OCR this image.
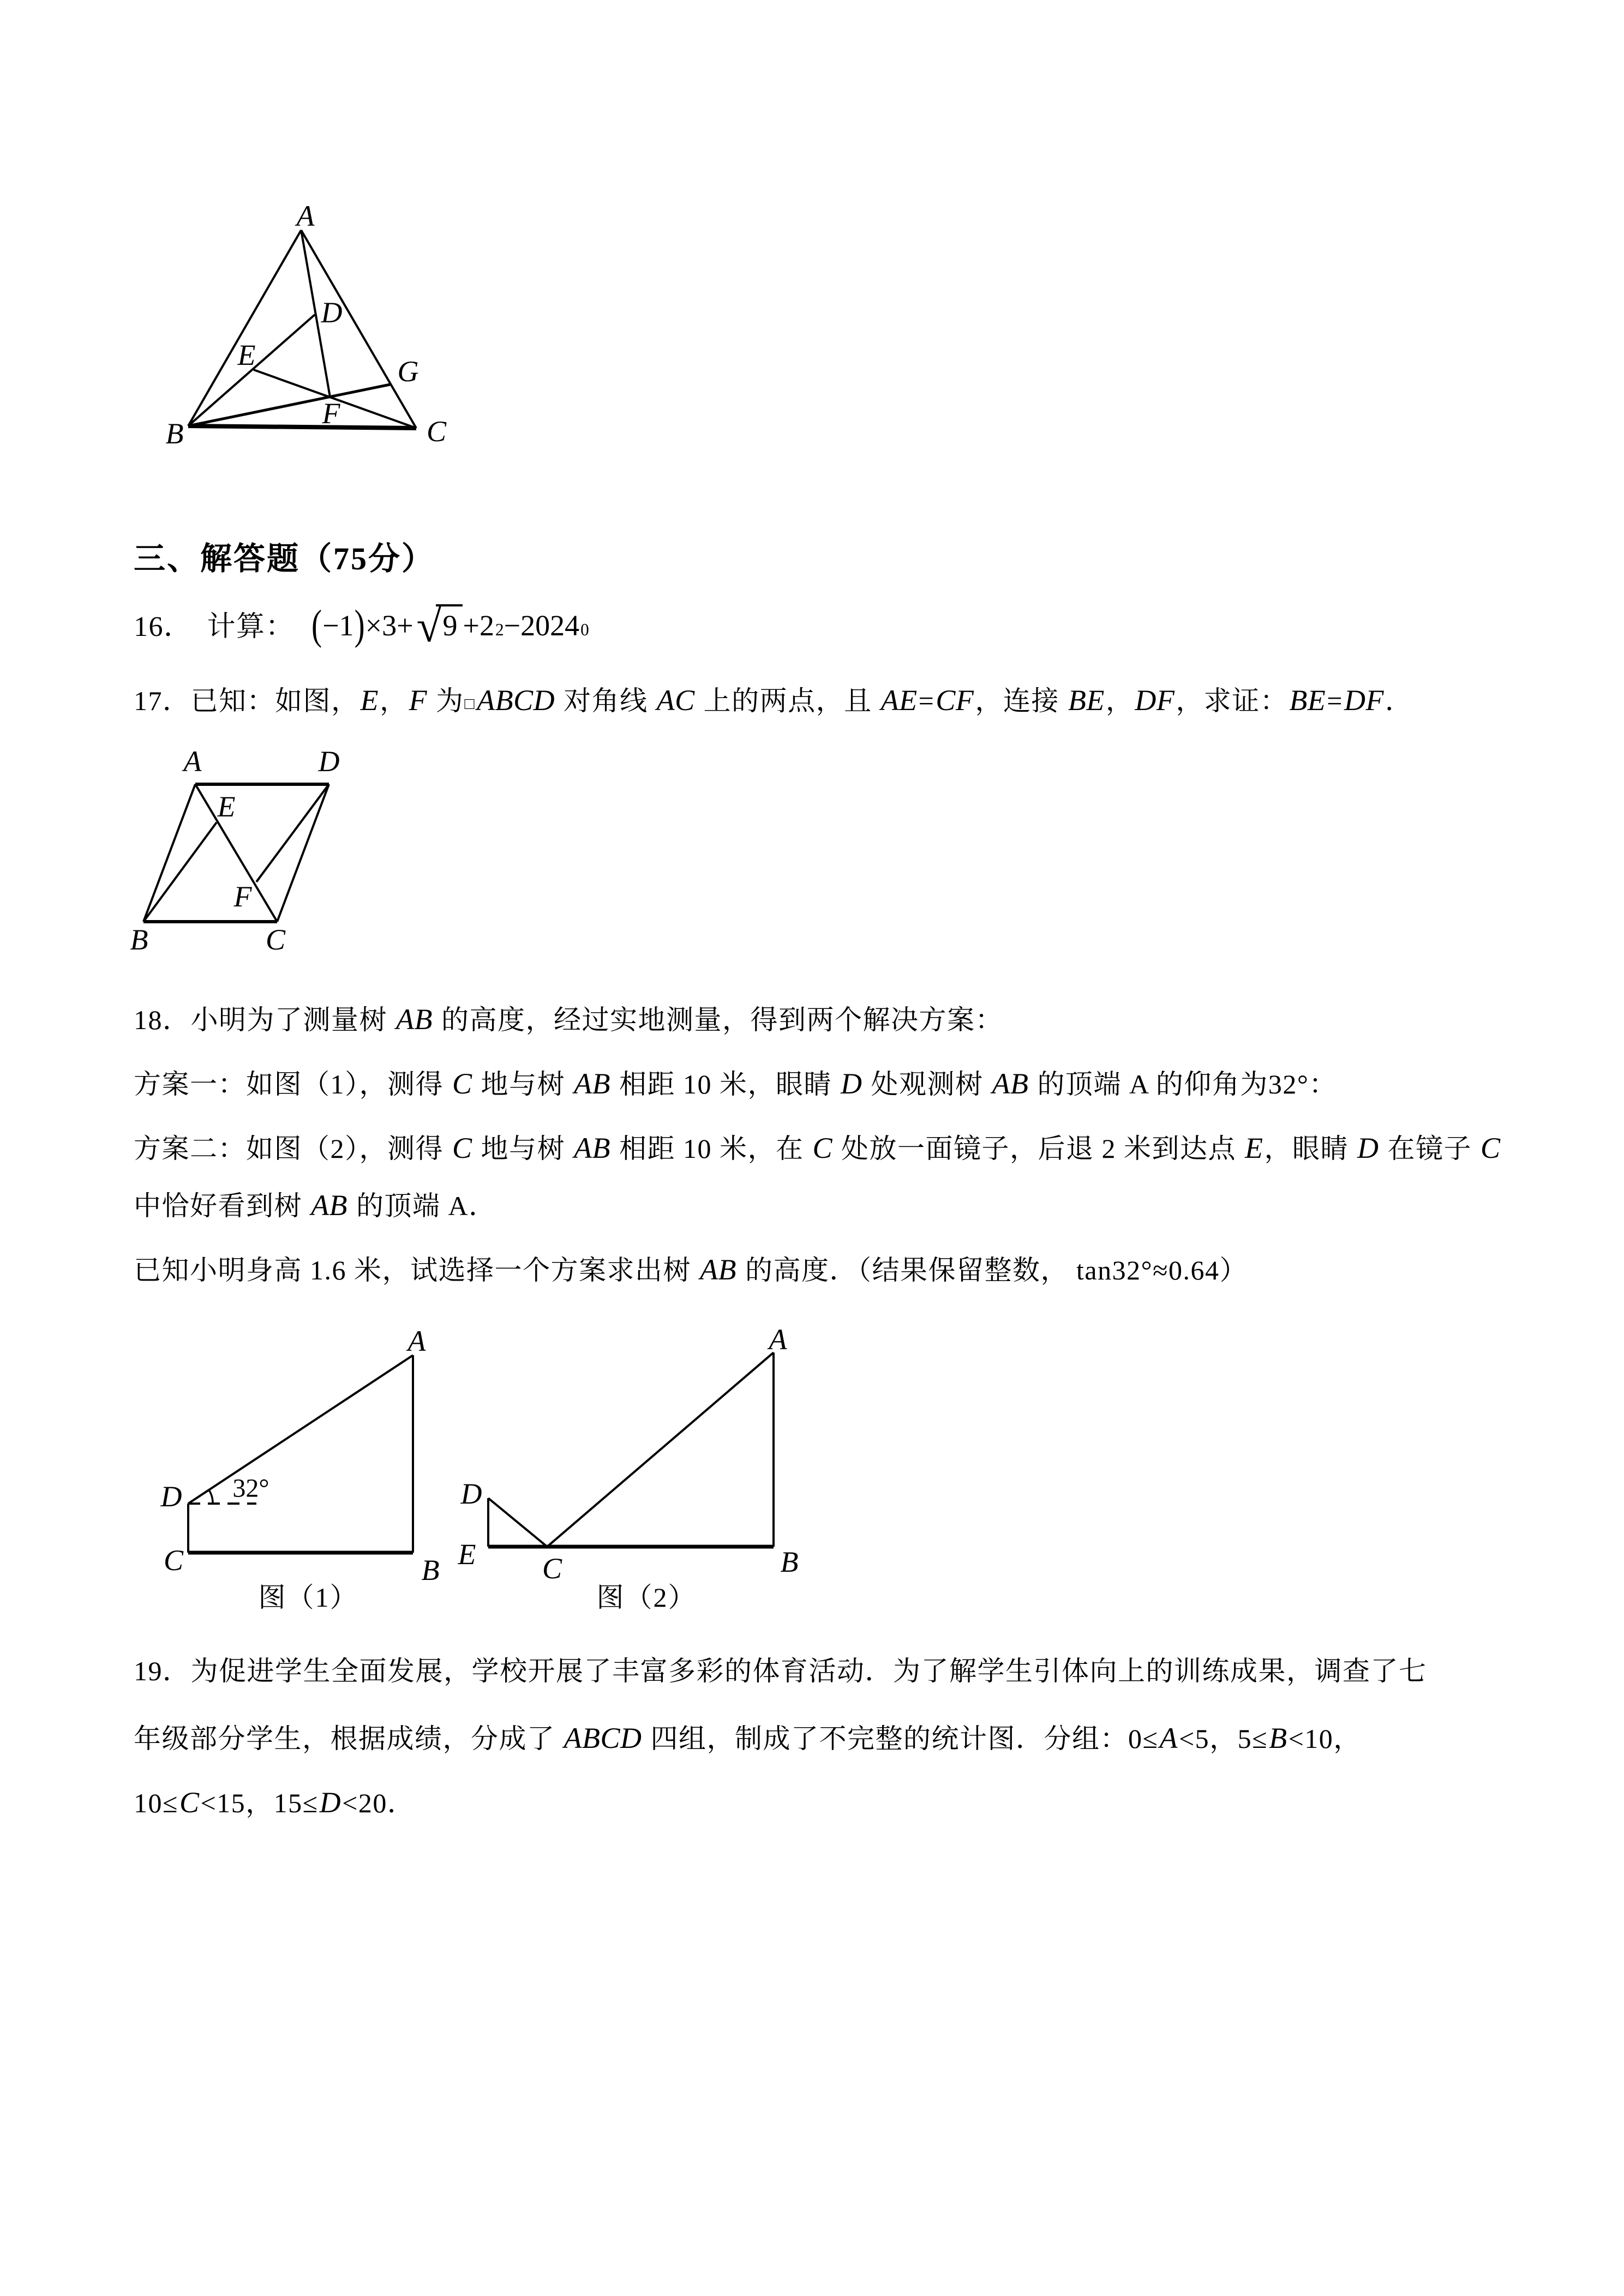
A
B	C
D
E
F
G
三、解答题（75分）
16． 计算： ( −1 ) ×3+ √ 9 +2 2 −2024 0
17．已知：如图，E，F 为□ABCD 对角线 AC 上的两点，且 AE=CF，连接 BE，DF，求证：BE=DF．
A	D
B	C
E
F
18．小明为了测量树 AB 的高度，经过实地测量，得到两个解决方案：
方案一：如图（1），测得 C 地与树 AB 相距 10 米，眼睛 D 处观测树 AB 的顶端 A 的仰角为32°：
方案二：如图（2），测得 C 地与树 AB 相距 10 米，在 C 处放一面镜子，后退 2 米到达点 E，眼睛 D 在镜子 C
中恰好看到树 AB 的顶端 A．
已知小明身高 1.6 米，试选择一个方案求出树 AB 的高度．（结果保留整数， tan32°≈0.64）
A
B
C
D 32°
图（1）
A
B
C
D
E
图（2）
19．为促进学生全面发展，学校开展了丰富多彩的体育活动．为了解学生引体向上的训练成果，调查了七
年级部分学生，根据成绩，分成了 ABCD 四组，制成了不完整的统计图．分组：0≤A<5，5≤B<10，
10≤C<15，15≤D<20．
